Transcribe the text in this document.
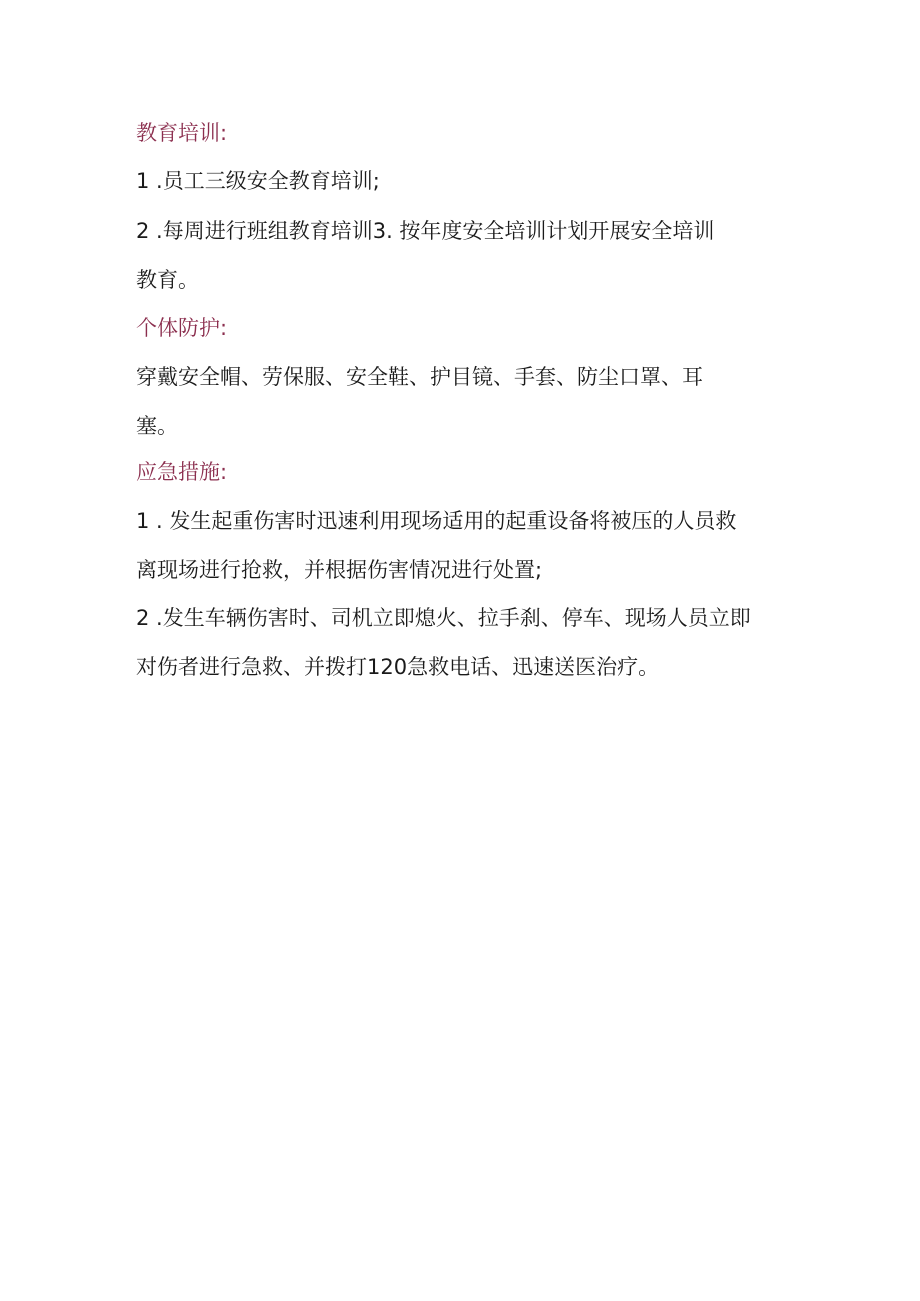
教育培训:
1 .员工三级安全教育培训;
2 .每周进行班组教育培训3. 按年度安全培训计划开展安全培训
教育。
个体防护:
穿戴安全帽、劳保服、安全鞋、护目镜、手套、防尘口罩、耳
塞。
应急措施:
1 . 发生起重伤害时迅速利用现场适用的起重设备将被压的人员救
离现场进行抢救，并根据伤害情况进行处置;
2 .发生车辆伤害时、司机立即熄火、拉手刹、停车、现场人员立即
对伤者进行急救、并拨打120急救电话、迅速送医治疗。
